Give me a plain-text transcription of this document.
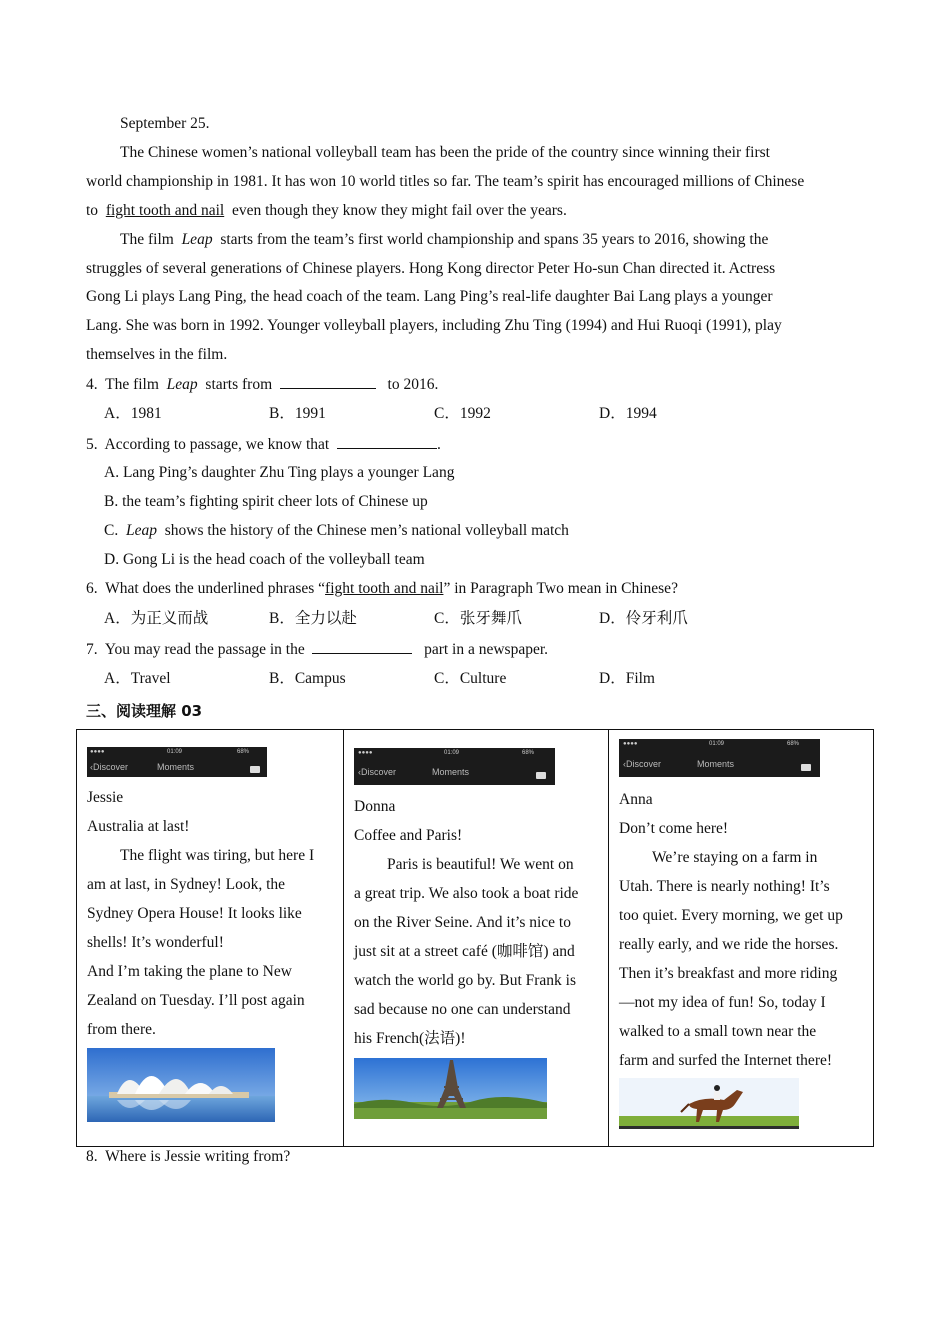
September 25.
The Chinese women’s national volleyball team has been the pride of the country since winning their first
world championship in 1981. It has won 10 world titles so far. The team’s spirit has encouraged millions of Chinese
to fight tooth and nail even though they know they might fail over the years.
The film Leap starts from the team’s first world championship and spans 35 years to 2016, showing the
struggles of several generations of Chinese players. Hong Kong director Peter Ho-sun Chan directed it. Actress
Gong Li plays Lang Ping, the head coach of the team. Lang Ping’s real-life daughter Bai Lang plays a younger
Lang. She was born in 1992. Younger volleyball players, including Zhu Ting (1994) and Hui Ruoqi (1991), play
themselves in the film.
4. The film Leap starts from	to 2016.
A．1981	B．1991	C．1992	D．1994
5. According to passage, we know that	.
A. Lang Ping’s daughter Zhu Ting plays a younger Lang
B. the team’s fighting spirit cheer lots of Chinese up
C. Leap shows the history of the Chinese men’s national volleyball match
D. Gong Li is the head coach of the volleyball team
6. What does the underlined phrases “fight tooth and nail” in Paragraph Two mean in Chinese?
A．为正义而战	B．全力以赴	C．张牙舞爪	D．伶牙利爪
7. You may read the passage in the	part in a newspaper.
A．Travel	B．Campus	C．Culture	D．Film
三、阅读理解 03
●●●●	01:09	68%
‹Discover	Moments
Jessie
Australia at last!
The flight was tiring, but here I
am at last, in Sydney! Look, the
Sydney Opera House! It looks like
shells! It’s wonderful!
And I’m taking the plane to New
Zealand on Tuesday. I’ll post again
from there.
●●●●	01:09	68%
‹Discover	Moments
Donna
Coffee and Paris!
Paris is beautiful! We went on
a great trip. We also took a boat ride
on the River Seine. And it’s nice to
just sit at a street café (咖啡馆) and
watch the world go by. But Frank is
sad because no one can understand
his French(法语)!
●●●●	01:09	68%
‹Discover	Moments
Anna
Don’t come here!
We’re staying on a farm in
Utah. There is nearly nothing! It’s
too quiet. Every morning, we get up
really early, and we ride the horses.
Then it’s breakfast and more riding
—not my idea of fun! So, today I
walked to a small town near the
farm and surfed the Internet there!
8. Where is Jessie writing from?
